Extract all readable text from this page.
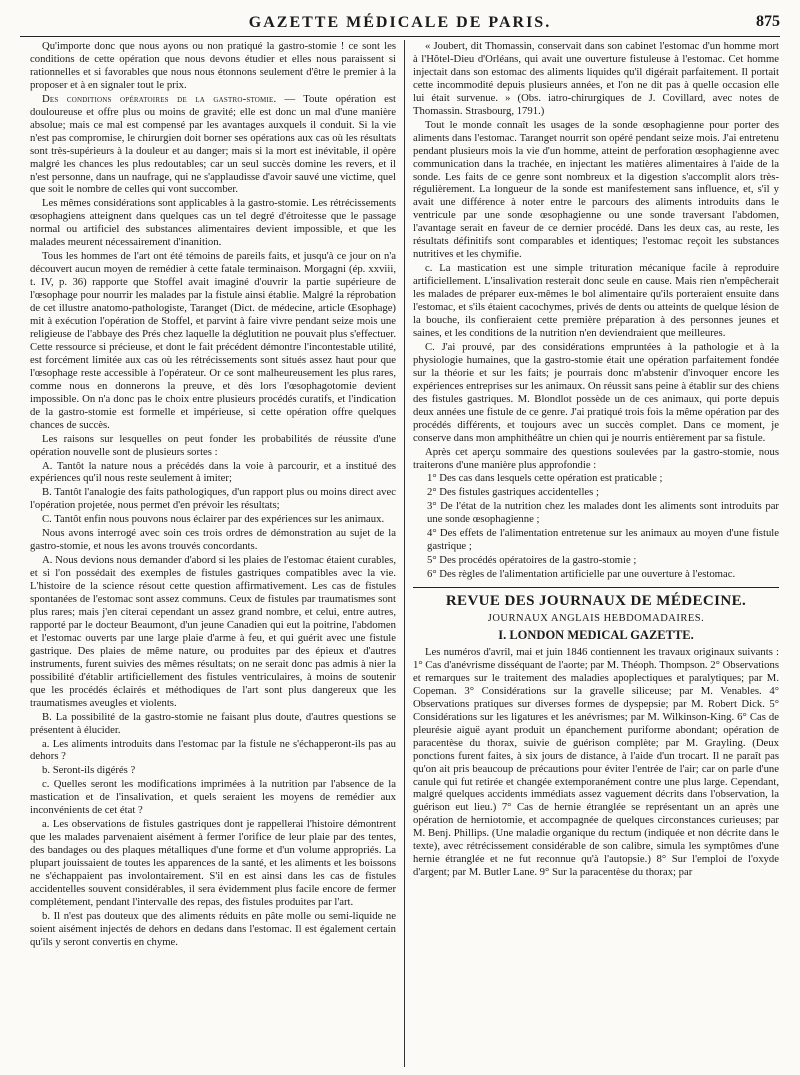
GAZETTE MÉDICALE DE PARIS.	875

Qu'importe donc que nous ayons ou non pratiqué la gastro-stomie ! ce sont les conditions de cette opération que nous devons étudier et elles nous paraissent si rationnelles et si favorables que nous nous étonnons seulement d'être le premier à la proposer et à en signaler tout le prix.

Des conditions opératoires de la gastro-stomie. — Toute opération est douloureuse et offre plus ou moins de gravité; elle est donc un mal d'une manière absolue; mais ce mal est compensé par les avantages auxquels il conduit. Si la vie n'est pas compromise, le chirurgien doit borner ses opérations aux cas où les résultats sont très-supérieurs à la douleur et au danger; mais si la mort est inévitable, il opère malgré les chances les plus redoutables; car un seul succès domine les revers, et il n'est personne, dans un naufrage, qui ne s'applaudisse d'avoir sauvé une victime, quel que soit le nombre de celles qui vont succomber.

Les mêmes considérations sont applicables à la gastro-stomie. Les rétrécissements œsophagiens atteignent dans quelques cas un tel degré d'étroitesse que le passage normal ou artificiel des substances alimentaires devient impossible, et que les malades meurent nécessairement d'inanition.

Tous les hommes de l'art ont été témoins de pareils faits, et jusqu'à ce jour on n'a découvert aucun moyen de remédier à cette fatale terminaison. Morgagni (ép. xxviii, t. IV, p. 36) rapporte que Stoffel avait imaginé d'ouvrir la partie supérieure de l'œsophage pour nourrir les malades par la fistule ainsi établie. Malgré la réprobation de cet illustre anatomo-pathologiste, Taranget (Dict. de médecine, article Œsophage) mit à exécution l'opération de Stoffel, et parvint à faire vivre pendant seize mois une religieuse de l'abbaye des Prés chez laquelle la déglutition ne pouvait plus s'effectuer. Cette ressource si précieuse, et dont le fait précédent démontre l'incontestable utilité, est forcément limitée aux cas où les rétrécissements sont situés assez haut pour que l'œsophage reste accessible à l'opérateur. Or ce sont malheureusement les plus rares, comme nous en donnerons la preuve, et dès lors l'œsophagotomie devient impossible. On n'a donc pas le choix entre plusieurs procédés curatifs, et l'indication de la gastro-stomie est formelle et impérieuse, si cette opération offre quelques chances de succès.

Les raisons sur lesquelles on peut fonder les probabilités de réussite d'une opération nouvelle sont de plusieurs sortes :

A. Tantôt la nature nous a précédés dans la voie à parcourir, et a institué des expériences qu'il nous reste seulement à imiter;

B. Tantôt l'analogie des faits pathologiques, d'un rapport plus ou moins direct avec l'opération projetée, nous permet d'en prévoir les résultats;

C. Tantôt enfin nous pouvons nous éclairer par des expériences sur les animaux.

Nous avons interrogé avec soin ces trois ordres de démonstration au sujet de la gastro-stomie, et nous les avons trouvés concordants.

A. Nous devions nous demander d'abord si les plaies de l'estomac étaient curables, et si l'on possédait des exemples de fistules gastriques compatibles avec la vie. L'histoire de la science résout cette question affirmativement. Les cas de fistules spontanées de l'estomac sont assez communs. Ceux de fistules par traumatismes sont plus rares; mais j'en citerai cependant un assez grand nombre, et celui, entre autres, rapporté par le docteur Beaumont, d'un jeune Canadien qui eut la poitrine, l'abdomen et l'estomac ouverts par une large plaie d'arme à feu, et qui guérit avec une fistule gastrique. Des plaies de même nature, ou produites par des épieux et d'autres instruments, furent suivies des mêmes résultats; on ne serait donc pas admis à nier la possibilité d'établir artificiellement des fistules ventriculaires, à moins de soutenir que les procédés éclairés et méthodiques de l'art sont plus dangereux que les traumatismes aveugles et violents.

B. La possibilité de la gastro-stomie ne faisant plus doute, d'autres questions se présentent à élucider.

a. Les aliments introduits dans l'estomac par la fistule ne s'échapperont-ils pas au dehors ?

b. Seront-ils digérés ?

c. Quelles seront les modifications imprimées à la nutrition par l'absence de la mastication et de l'insalivation, et quels seraient les moyens de remédier aux inconvénients de cet état ?

a. Les observations de fistules gastriques dont je rappellerai l'histoire démontrent que les malades parvenaient aisément à fermer l'orifice de leur plaie par des tentes, des bandages ou des plaques métalliques d'une forme et d'un volume appropriés. La plupart jouissaient de toutes les apparences de la santé, et les aliments et les boissons ne s'échappaient pas involontairement. S'il en est ainsi dans les cas de fistules accidentelles souvent considérables, il sera évidemment plus facile encore de fermer complétement, pendant l'intervalle des repas, des fistules produites par l'art.

b. Il n'est pas douteux que des aliments réduits en pâte molle ou semi-liquide ne soient aisément injectés de dehors en dedans dans l'estomac. Il est également certain qu'ils y seront convertis en chyme.

« Joubert, dit Thomassin, conservait dans son cabinet l'estomac d'un homme mort à l'Hôtel-Dieu d'Orléans, qui avait une ouverture fistuleuse à l'estomac. Cet homme injectait dans son estomac des aliments liquides qu'il digérait parfaitement. Il portait cette incommodité depuis plusieurs années, et l'on ne dit pas à quelle occasion elle lui était survenue. » (Obs. iatro-chirurgiques de J. Covillard, avec notes de Thomassin. Strasbourg, 1791.)

Tout le monde connaît les usages de la sonde œsophagienne pour porter des aliments dans l'estomac. Taranget nourrit son opéré pendant seize mois. J'ai entretenu pendant plusieurs mois la vie d'un homme, atteint de perforation œsophagienne avec communication dans la trachée, en injectant les matières alimentaires à l'aide de la sonde. Les faits de ce genre sont nombreux et la digestion s'accomplit alors très-régulièrement. La longueur de la sonde est manifestement sans influence, et, s'il y avait une différence à noter entre le parcours des aliments introduits dans le ventricule par une sonde œsophagienne ou une sonde traversant l'abdomen, l'avantage serait en faveur de ce dernier procédé. Dans les deux cas, au reste, les résultats définitifs sont comparables et identiques; l'estomac reçoit les substances nutritives et les chymifie.

c. La mastication est une simple trituration mécanique facile à reproduire artificiellement. L'insalivation resterait donc seule en cause. Mais rien n'empêcherait les malades de préparer eux-mêmes le bol alimentaire qu'ils porteraient ensuite dans l'estomac, et s'ils étaient cacochymes, privés de dents ou atteints de quelque lésion de la bouche, ils confieraient cette première préparation à des personnes jeunes et saines, et les conditions de la nutrition n'en deviendraient que meilleures.

C. J'ai prouvé, par des considérations empruntées à la pathologie et à la physiologie humaines, que la gastro-stomie était une opération parfaitement fondée sur la théorie et sur les faits; je pourrais donc m'abstenir d'invoquer encore les expériences entreprises sur les animaux. On réussit sans peine à établir sur des chiens des fistules gastriques. M. Blondlot possède un de ces animaux, qui porte depuis deux années une fistule de ce genre. J'ai pratiqué trois fois la même opération par des procédés différents, et toujours avec un succès complet. Dans ce moment, je conserve dans mon amphithéâtre un chien qui je nourris entièrement par sa fistule.

Après cet aperçu sommaire des questions soulevées par la gastro-stomie, nous traiterons d'une manière plus approfondie :

1° Des cas dans lesquels cette opération est praticable ;

2° Des fistules gastriques accidentelles ;

3° De l'état de la nutrition chez les malades dont les aliments sont introduits par une sonde œsophagienne ;

4° Des effets de l'alimentation entretenue sur les animaux au moyen d'une fistule gastrique ;

5° Des procédés opératoires de la gastro-stomie ;

6° Des règles de l'alimentation artificielle par une ouverture à l'estomac.

REVUE DES JOURNAUX DE MÉDECINE.
JOURNAUX ANGLAIS HEBDOMADAIRES.
I. LONDON MEDICAL GAZETTE.

Les numéros d'avril, mai et juin 1846 contiennent les travaux originaux suivants : 1° Cas d'anévrisme disséquant de l'aorte; par M. Théoph. Thompson. 2° Observations et remarques sur le traitement des maladies apoplectiques et paralytiques; par M. Copeman. 3° Considérations sur la gravelle siliceuse; par M. Venables. 4° Observations pratiques sur diverses formes de dyspepsie; par M. Robert Dick. 5° Considérations sur les ligatures et les anévrismes; par M. Wilkinson-King. 6° Cas de pleurésie aiguë ayant produit un épanchement puriforme abondant; opération de paracentèse du thorax, suivie de guérison complète; par M. Grayling. (Deux ponctions furent faites, à six jours de distance, à l'aide d'un trocart. Il ne paraît pas qu'on ait pris beaucoup de précautions pour éviter l'entrée de l'air; car on parle d'une canule qui fut retirée et changée extemporanément contre une plus large. Cependant, malgré quelques accidents immédiats assez vaguement décrits dans l'observation, la guérison eut lieu.) 7° Cas de hernie étranglée se représentant un an après une opération de herniotomie, et accompagnée de quelques circonstances curieuses; par M. Benj. Phillips. (Une maladie organique du rectum (indiquée et non décrite dans le texte), avec rétrécissement considérable de son calibre, simula les symptômes d'une hernie étranglée et ne fut reconnue qu'à l'autopsie.) 8° Sur l'emploi de l'oxyde d'argent; par M. Butler Lane. 9° Sur la paracentèse du thorax; par
